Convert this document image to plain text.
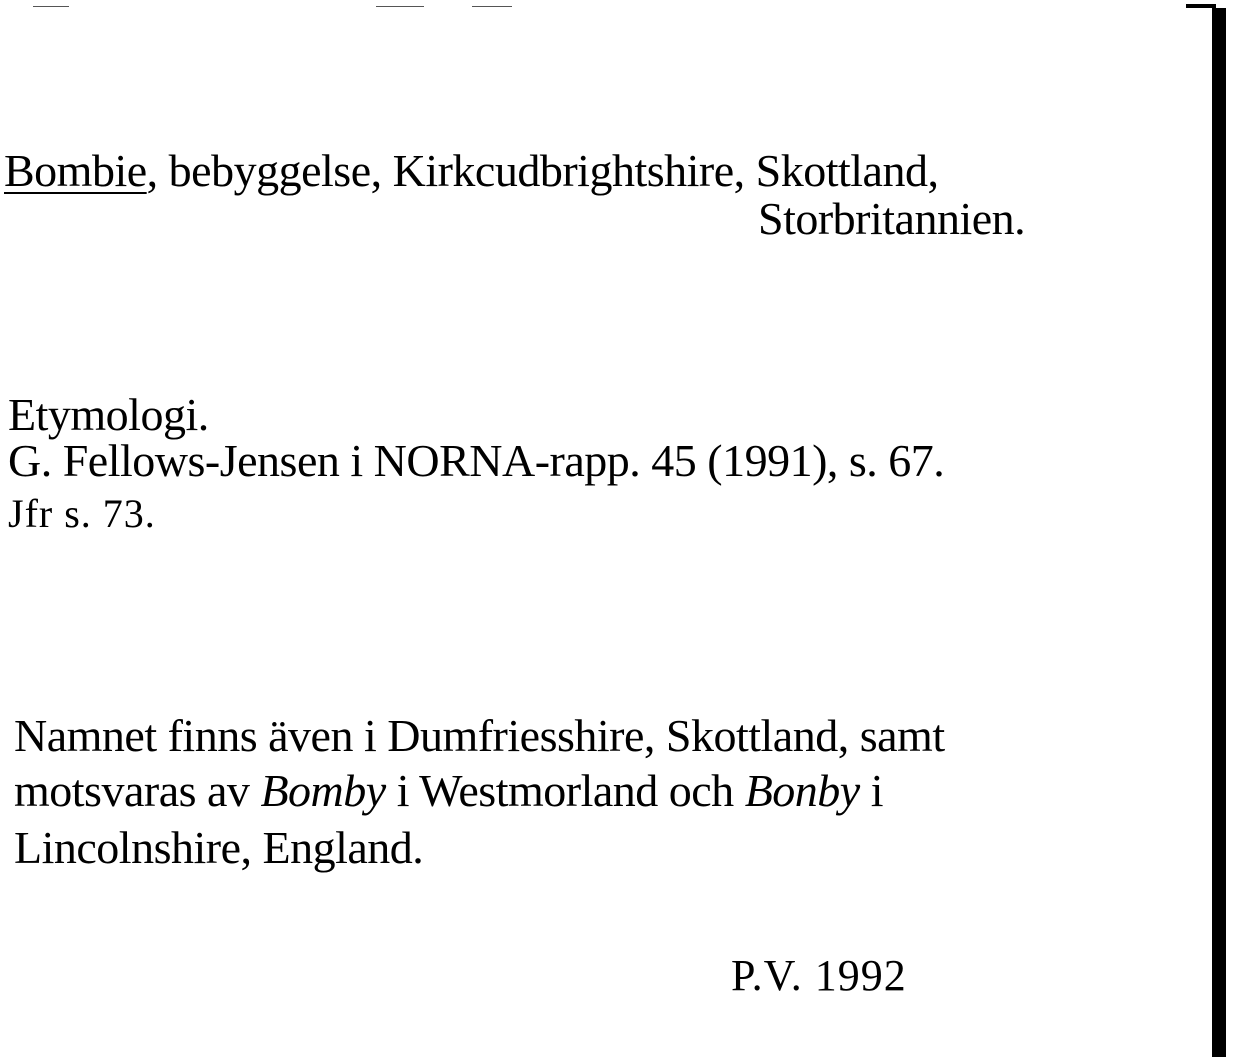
Bombie, bebyggelse, Kirkcudbrightshire, Skottland,
Storbritannien.
Etymologi.
G. Fellows-Jensen i NORNA-rapp. 45 (1991), s. 67.
Jfr s. 73.
Namnet finns även i Dumfriesshire, Skottland, samt
motsvaras av Bomby i Westmorland och Bonby i
Lincolnshire, England.
P.V. 1992
